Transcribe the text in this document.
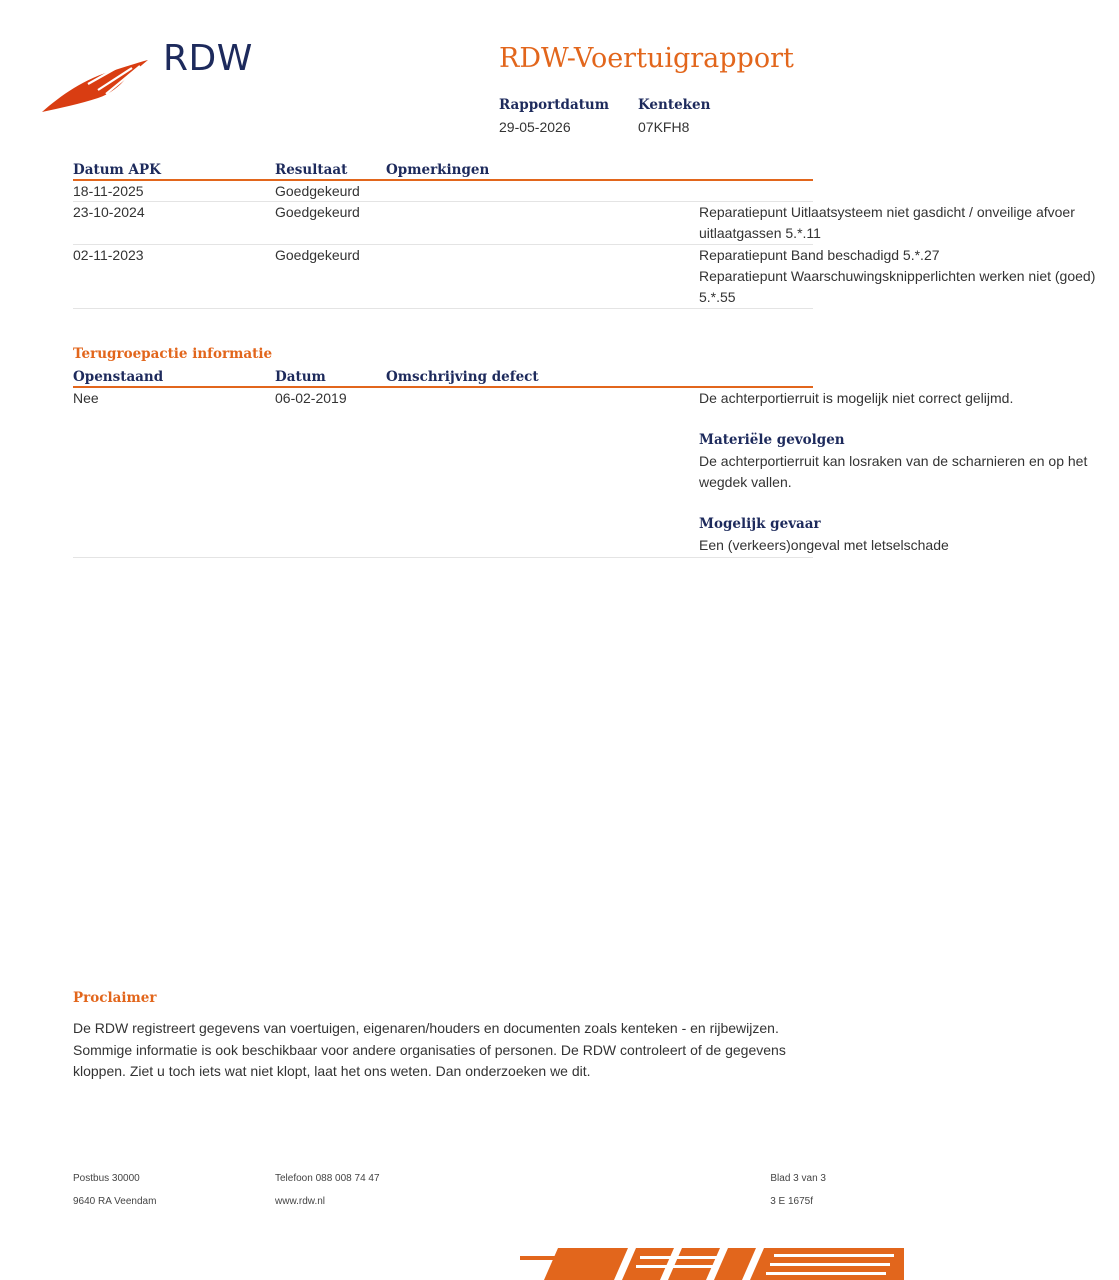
RDW	RDW-Voertuigrapport
Rapportdatum
29-05-2026
Kenteken
07KFH8
Datum APK	Resultaat	Opmerkingen
18-11-2025	Goedgekeurd
23-10-2024	Goedgekeurd	Reparatiepunt Uitlaatsysteem niet gasdicht / onveilige afvoer uitlaatgassen 5.*.11
02-11-2023	Goedgekeurd	Reparatiepunt Band beschadigd 5.*.27
Reparatiepunt Waarschuwingsknipperlichten werken niet (goed) 5.*.55
Terugroepactie informatie
Openstaand	Datum	Omschrijving defect
Nee	06-02-2019	De achterportierruit is mogelijk niet correct gelijmd.
Materiële gevolgen
De achterportierruit kan losraken van de scharnieren en op het wegdek vallen.
Mogelijk gevaar
Een (verkeers)ongeval met letselschade
Proclaimer
De RDW registreert gegevens van voertuigen, eigenaren/houders en documenten zoals kenteken - en rijbewijzen. Sommige informatie is ook beschikbaar voor andere organisaties of personen. De RDW controleert of de gegevens kloppen. Ziet u toch iets wat niet klopt, laat het ons weten. Dan onderzoeken we dit.
Postbus 30000
9640 RA Veendam
Telefoon 088 008 74 47
www.rdw.nl
Blad 3 van 3
3 E 1675f
